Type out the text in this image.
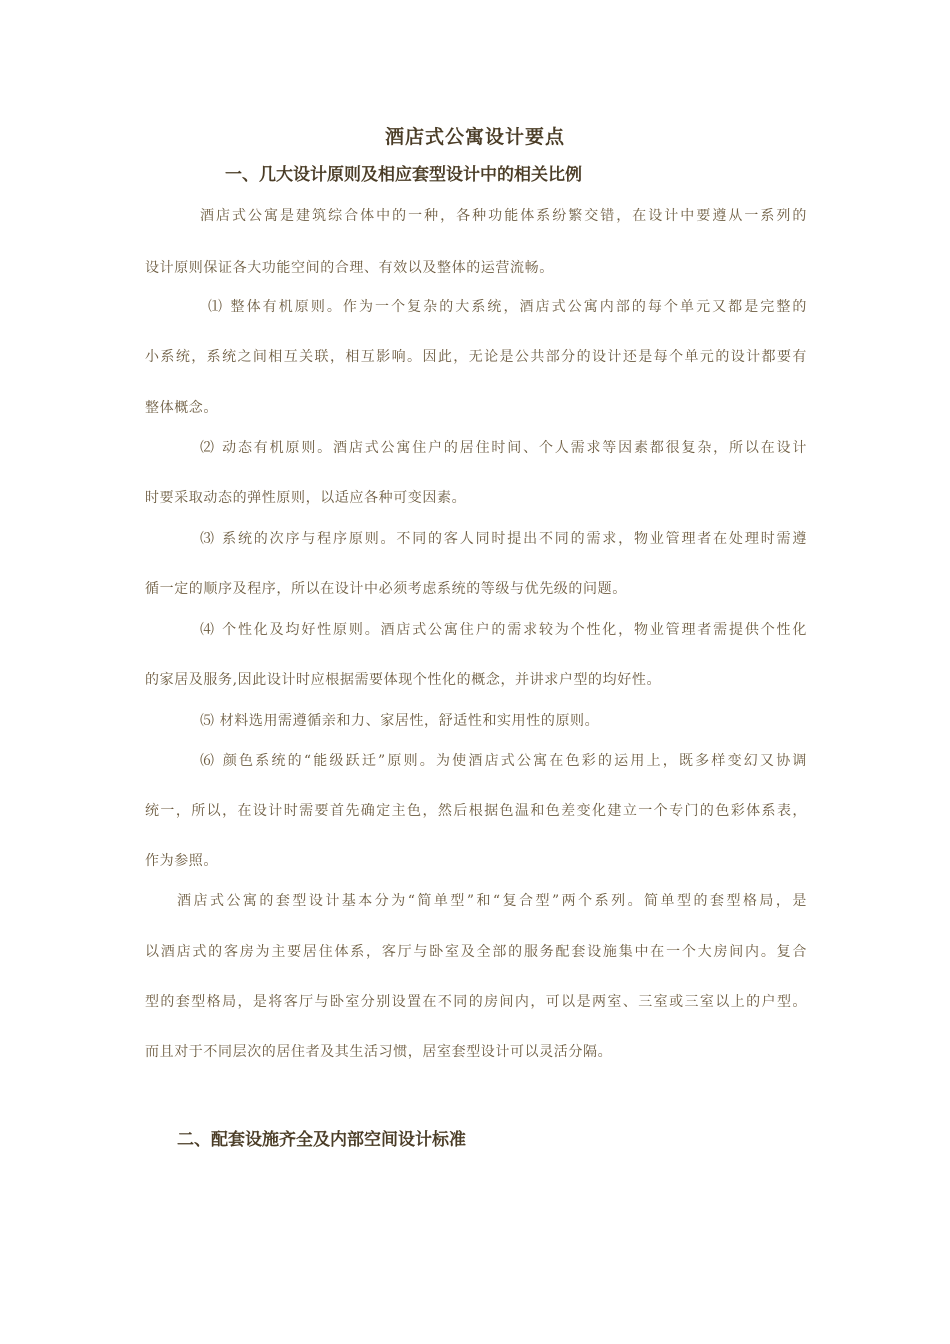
酒店式公寓设计要点
一、几大设计原则及相应套型设计中的相关比例
酒店式公寓是建筑综合体中的一种，各种功能体系纷繁交错，在设计中要遵从一系列的
设计原则保证各大功能空间的合理、有效以及整体的运营流畅。
⑴ 整体有机原则。作为一个复杂的大系统，酒店式公寓内部的每个单元又都是完整的
小系统，系统之间相互关联，相互影响。因此，无论是公共部分的设计还是每个单元的设计都要有
整体概念。
⑵ 动态有机原则。酒店式公寓住户的居住时间、个人需求等因素都很复杂，所以在设计
时要采取动态的弹性原则，以适应各种可变因素。
⑶ 系统的次序与程序原则。不同的客人同时提出不同的需求，物业管理者在处理时需遵
循一定的顺序及程序，所以在设计中必须考虑系统的等级与优先级的问题。
⑷ 个性化及均好性原则。酒店式公寓住户的需求较为个性化，物业管理者需提供个性化
的家居及服务,因此设计时应根据需要体现个性化的概念，并讲求户型的均好性。
⑸ 材料选用需遵循亲和力、家居性，舒适性和实用性的原则。
⑹ 颜色系统的“能级跃迁”原则。为使酒店式公寓在色彩的运用上，既多样变幻又协调
统一，所以，在设计时需要首先确定主色，然后根据色温和色差变化建立一个专门的色彩体系表，
作为参照。
酒店式公寓的套型设计基本分为“简单型”和“复合型”两个系列。简单型的套型格局，是
以酒店式的客房为主要居住体系，客厅与卧室及全部的服务配套设施集中在一个大房间内。复合
型的套型格局，是将客厅与卧室分别设置在不同的房间内，可以是两室、三室或三室以上的户型。
而且对于不同层次的居住者及其生活习惯，居室套型设计可以灵活分隔。
二、配套设施齐全及内部空间设计标准
